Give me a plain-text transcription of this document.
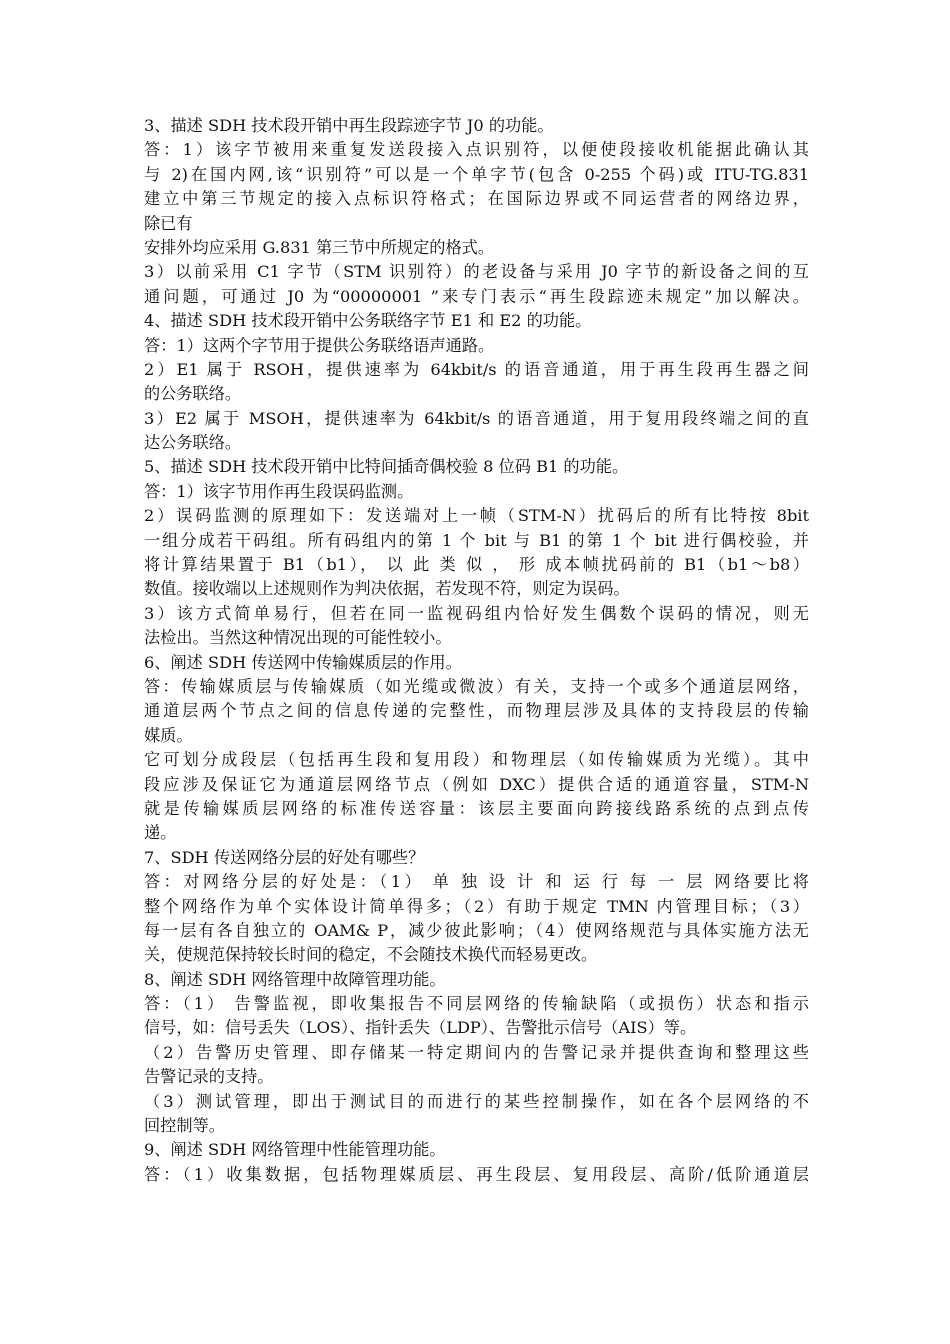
3、描述 SDH 技术段开销中再生段踪迹字节 J0 的功能。
答：1）该字节被用来重复发送段接入点识别符，以便使段接收机能据此确认其
与 2)在国内网,该“识别符”可以是一个单字节(包含 0-255 个码)或 ITU-TG.831
建立中第三节规定的接入点标识符格式；在国际边界或不同运营者的网络边界，
除已有
安排外均应采用 G.831 第三节中所规定的格式。
3）以前采用 C1 字节（STM 识别符）的老设备与采用 J0 字节的新设备之间的互
通问题，可通过 J0 为“00000001 ”来专门表示“再生段踪迹未规定”加以解决。
4、描述 SDH 技术段开销中公务联络字节 E1 和 E2 的功能。
答：1）这两个字节用于提供公务联络语声通路。
2）E1 属于 RSOH，提供速率为 64kbit/s 的语音通道，用于再生段再生器之间
的公务联络。
3）E2 属于 MSOH，提供速率为 64kbit/s 的语音通道，用于复用段终端之间的直
达公务联络。
5、描述 SDH 技术段开销中比特间插奇偶校验 8 位码 B1 的功能。
答：1）该字节用作再生段误码监测。
2）误码监测的原理如下：发送端对上一帧（STM-N）扰码后的所有比特按 8bit
一组分成若干码组。所有码组内的第 1 个 bit 与 B1 的第 1 个 bit 进行偶校验，并
将计算结果置于 B1（b1）， 以 此 类 似 ， 形 成本帧扰码前的 B1（b1～b8）
数值。接收端以上述规则作为判决依据，若发现不符，则定为误码。
3）该方式简单易行，但若在同一监视码组内恰好发生偶数个误码的情况，则无
法检出。当然这种情况出现的可能性较小。
6、阐述 SDH 传送网中传输媒质层的作用。
答：传输媒质层与传输媒质（如光缆或微波）有关，支持一个或多个通道层网络，
通道层两个节点之间的信息传递的完整性，而物理层涉及具体的支持段层的传输
媒质。
它可划分成段层（包括再生段和复用段）和物理层（如传输媒质为光缆）。其中
段应涉及保证它为通道层网络节点（例如 DXC）提供合适的通道容量，STM-N
就是传输媒质层网络的标准传送容量：该层主要面向跨接线路系统的点到点传
递。
7、SDH 传送网络分层的好处有哪些？
答：对网络分层的好处是：（1） 单 独 设 计 和 运 行 每 一 层 网络要比将
整个网络作为单个实体设计简单得多；（2）有助于规定 TMN 内管理目标；（3）
每一层有各自独立的 OAM& P，减少彼此影响；（4）使网络规范与具体实施方法无
关，使规范保持较长时间的稳定，不会随技术换代而轻易更改。
8、阐述 SDH 网络管理中故障管理功能。
答：（1） 告警监视，即收集报告不同层网络的传输缺陷（或损伤）状态和指示
信号，如：信号丢失（LOS）、指针丢失（LDP）、告警批示信号（AIS）等。
（2）告警历史管理、即存储某一特定期间内的告警记录并提供查询和整理这些
告警记录的支持。
（3）测试管理，即出于测试目的而进行的某些控制操作，如在各个层网络的不
回控制等。
9、阐述 SDH 网络管理中性能管理功能。
答：（1）收集数据，包括物理媒质层、再生段层、复用段层、高阶/低阶通道层
